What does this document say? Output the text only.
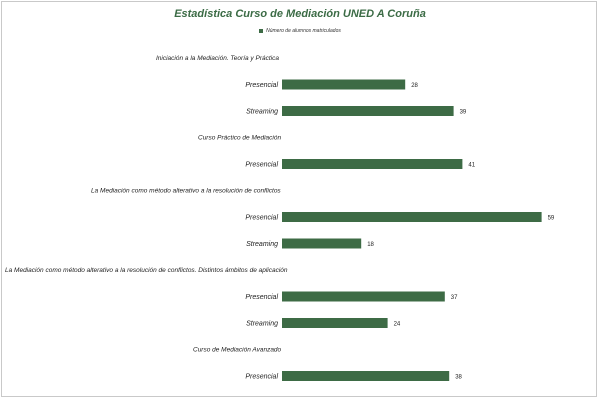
Estadística Curso de Mediación UNED A Coruña
Número de alumnos matriculados
Iniciación a la Mediación. Teoría y Práctica
Presencial	28
Streaming	39
Curso Práctico de Mediación
Presencial	41
La Mediación como método alterativo a la resolución de conflictos
Presencial	59
Streaming	18
La Mediación como método alterativo a la resolución de conflictos. Distintos ámbitos de aplicación
Presencial	37
Streaming	24
Curso de Mediación Avanzado
Presencial	38
